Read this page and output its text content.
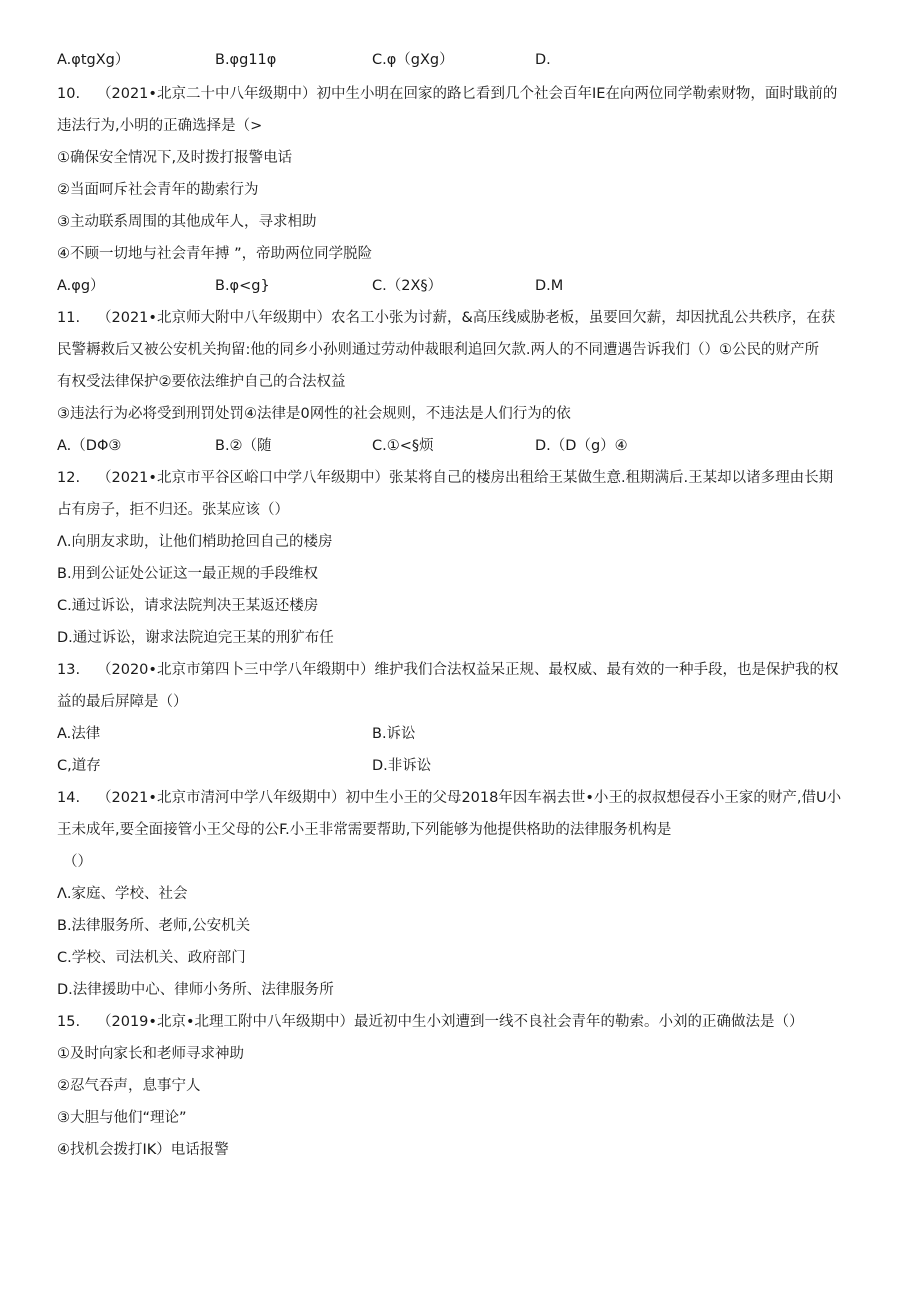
A.φtgXg）	B.φg11φ	C.φ（gXg）	D.
10. （2021•北京二十中八年级期中）初中生小明在回家的路匕看到几个社会百年IE在向两位同学勒索财物，面时戢前的
违法行为,小明的正确选择是（>
①确保安全情况下,及时拨打报警电话
②当面呵斥社会青年的勘索行为
③主动联系周围的其他成年人，寻求相助
④不顾一切地与社会青年搏 ”，帝助两位同学脱险
A.φg）	B.φ<g}	C.（2X§）	D.M
11. （2021•北京师大附中八年级期中）农名工小张为讨薪，&高压线威胁老板，虽要回欠薪，却因扰乱公共秩序，在获
民警耨救后又被公安机关拘留:他的同乡小孙则通过劳动仲裁眼利追回欠款.两人的不同遭遇告诉我们（）①公民的财产所
有权受法律保护②要依法维护自己的合法权益
③违法行为必将受到刑罚处罚④法律是0网性的社会规则，不违法是人们行为的依
A.（DΦ③	B.②（随	C.①<§烦	D.（D（g）④
12. （2021•北京市平谷区峪口中学八年级期中）张某将自己的楼房出租给王某做生意.租期满后.王某却以诸多理由长期
占有房子，拒不归还。张某应该（）
Λ.向朋友求助，让他们梢助抢回自己的楼房
B.用到公证处公证这一最正规的手段维权
C.通过诉讼，请求法院判决王某返还楼房
D.通过诉讼，谢求法院迫完王某的刑犷布任
13. （2020•北京市第四卜三中学八年缎期中）维护我们合法权益呆正规、最权威、最有效的一种手段，也是保护我的权
益的最后屏障是（）
A.法律	B.诉讼
C,道存	D.非诉讼
14. （2021•北京市清河中学八年级期中）初中生小王的父母2018年因车祸去世•小王的叔叔想侵吞小王家的财产,借U小
王未成年,要全面接管小王父母的公F.小王非常需要帮助,下列能够为他提供格助的法律服务机构是
（）
Λ.家庭、学校、社会
B.法律服务所、老师,公安机关
C.学校、司法机关、政府部门
D.法律援助中心、律师小务所、法律服务所
15. （2019•北京•北理工附中八年级期中）最近初中生小刘遭到一线不良社会青年的勒索。小刘的正确做法是（）
①及时向家长和老师寻求神助
②忍气吞声，息事宁人
③大胆与他们“理论”
④找机会拨打IK）电话报警
